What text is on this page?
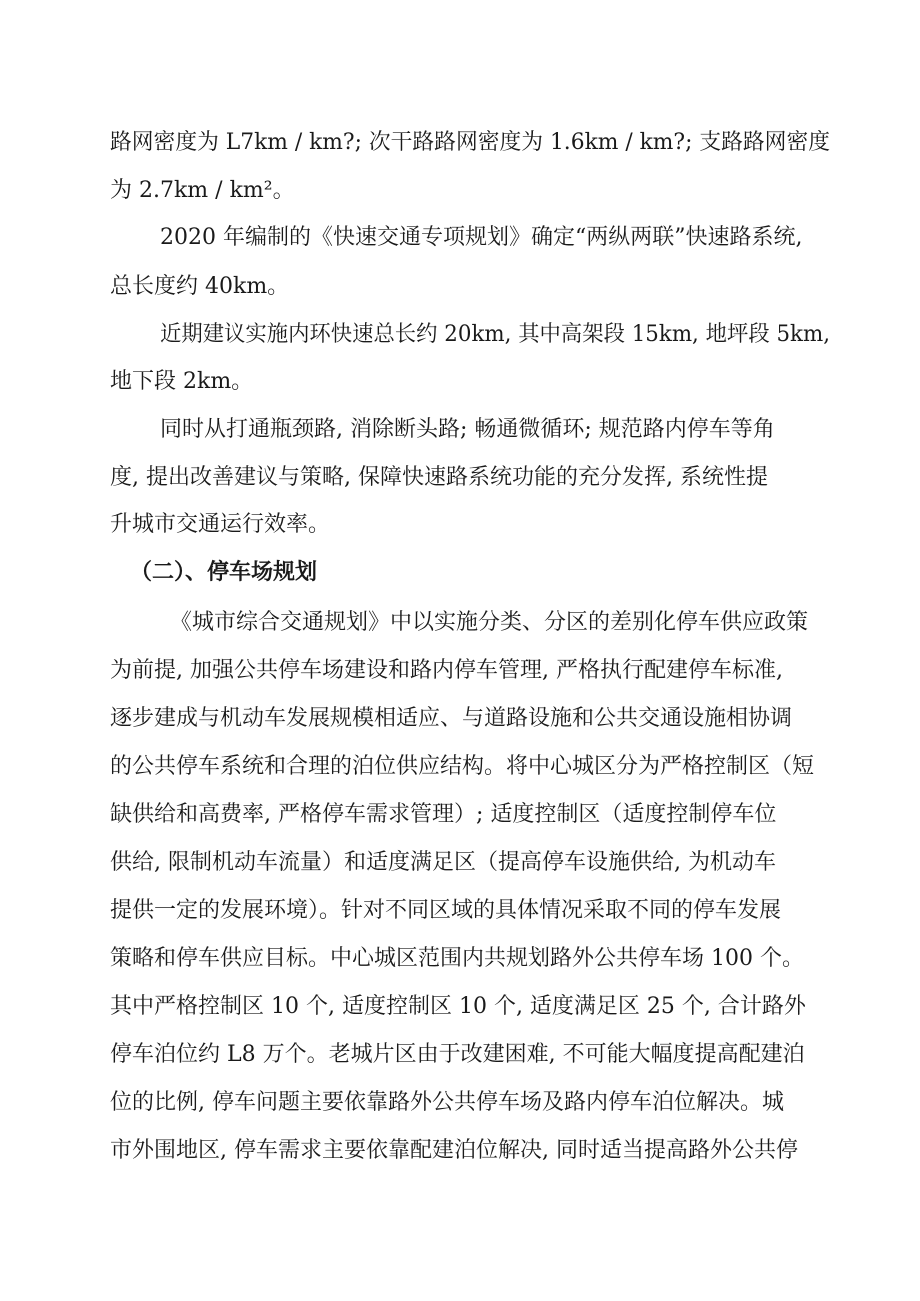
路网密度为 L7km / km?; 次干路路网密度为 1.6km / km?; 支路路网密度
为 2.7km / km²。
2020 年编制的《快速交通专项规划》确定“两纵两联”快速路系统,
总长度约 40km。
近期建议实施内环快速总长约 20km, 其中高架段 15km, 地坪段 5km,
地下段 2km。
同时从打通瓶颈路, 消除断头路; 畅通微循环; 规范路内停车等角
度, 提出改善建议与策略, 保障快速路系统功能的充分发挥, 系统性提
升城市交通运行效率。
（二）、停车场规划
《城市综合交通规划》中以实施分类、分区的差别化停车供应政策
为前提, 加强公共停车场建设和路内停车管理, 严格执行配建停车标准,
逐步建成与机动车发展规模相适应、与道路设施和公共交通设施相协调
的公共停车系统和合理的泊位供应结构。将中心城区分为严格控制区（短
缺供给和高费率, 严格停车需求管理）; 适度控制区（适度控制停车位
供给, 限制机动车流量）和适度满足区（提高停车设施供给, 为机动车
提供一定的发展环境）。针对不同区域的具体情况采取不同的停车发展
策略和停车供应目标。中心城区范围内共规划路外公共停车场 100 个。
其中严格控制区 10 个, 适度控制区 10 个, 适度满足区 25 个, 合计路外
停车泊位约 L8 万个。老城片区由于改建困难, 不可能大幅度提高配建泊
位的比例, 停车问题主要依靠路外公共停车场及路内停车泊位解决。城
市外围地区, 停车需求主要依靠配建泊位解决, 同时适当提高路外公共停
